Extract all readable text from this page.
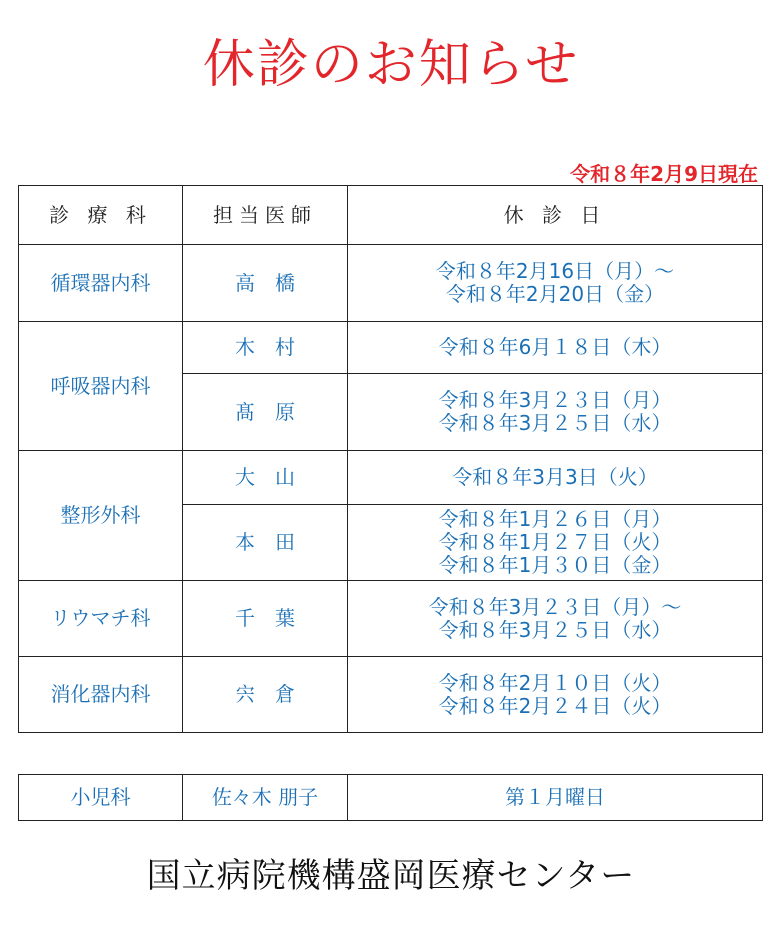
休診のお知らせ
令和８年2月9日現在
診 療 科	担当医師	休 診 日
循環器内科	高　橋	令和８年2月16日（月）～
令和８年2月20日（金）

呼吸器内科	木　村	令和８年6月１８日（木）

	髙　原	令和８年3月２３日（月）
令和８年3月２５日（水）

整形外科	大　山	令和８年3月3日（火）

	本　田	令和８年1月２６日（月）
令和８年1月２７日（火）
令和８年1月３０日（金）

リウマチ科	千　葉	令和８年3月２３日（月）～
令和８年3月２５日（水）

消化器内科	宍　倉	令和８年2月１０日（火）
令和８年2月２４日（火）
小児科	佐々木 朋子	第１月曜日
国立病院機構盛岡医療センター
